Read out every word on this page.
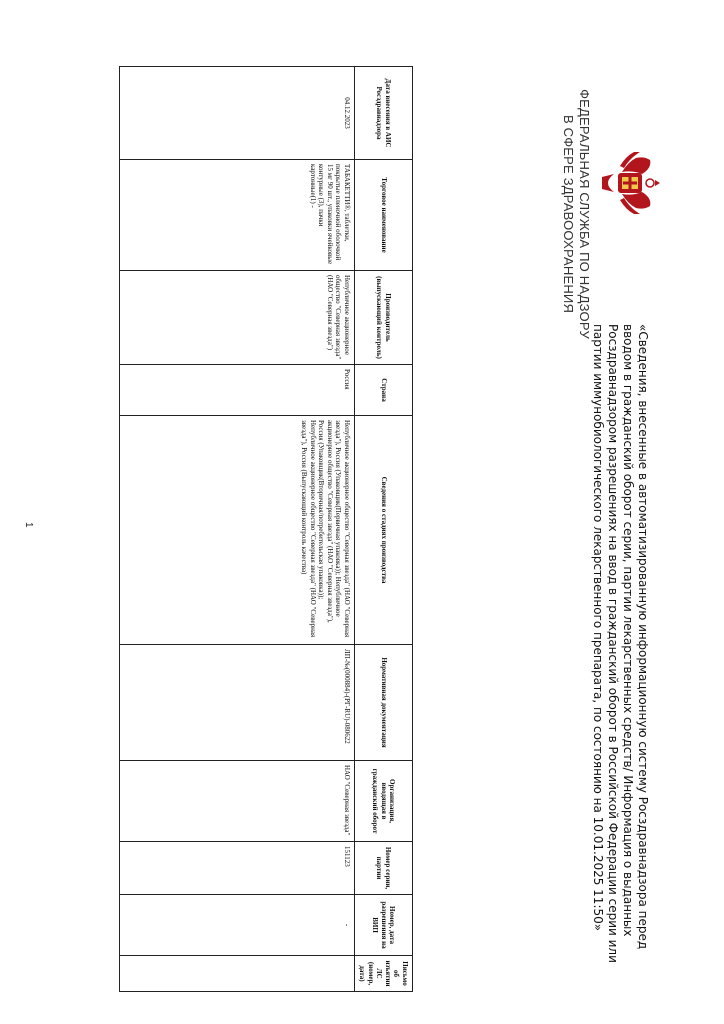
ФЕДЕРАЛЬНАЯ СЛУЖБА ПО НАДЗОРУ
В СФЕРЕ ЗДРАВООХРАНЕНИЯ
«Сведения, внесенные в автоматизированную информационную систему Росздравнадзора перед вводом в гражданский оборот серии, партии лекарственных средств/ Информация о выданных Росздравнадзором разрешениях на ввод в гражданский оборот в Российской Федерации серии или партии иммунобиологического лекарственного препарата, по состоянию на 10.01.2025 11:50»
Дата внесения в АИС Росздравнадзора	Торговое наименование	Производитель (выпускающий контроль)	Страна	Сведения о стадиях производства	Нормативная документация	Организация, вводящая в гражданский оборот	Номер серии, партии	Номер, дата разрешения на ВИП	Письмо об изъятии ЛС (номер, дата)
04.12.2023	ТАБАКЕТТИ®, таблетки, покрытые пленочной оболочкой 15 мг 90 шт., упаковки ячейковые контурные (3), пачки картонные(1) -	Непубличное акционерное общество "Северная звезда" (НАО "Северная звезда")	Россия	Непубличное акционерное общество "Северная звезда" (НАО "Северная звезда"), Россия (Упаковщик(Первичная упаковка)); Непубличное акционерное общество "Северная звезда" (НАО "Северная звезда"), Россия (Упаковщик(Вторичная/потребительская упаковка)); Непубличное акционерное общество "Северная звезда" (НАО "Северная звезда"), Россия (Выпускающий контроль качества)	ЛП-№(000884)-(РГ-RU)-080622	НАО "Северная звезда"	151123	-	
1
